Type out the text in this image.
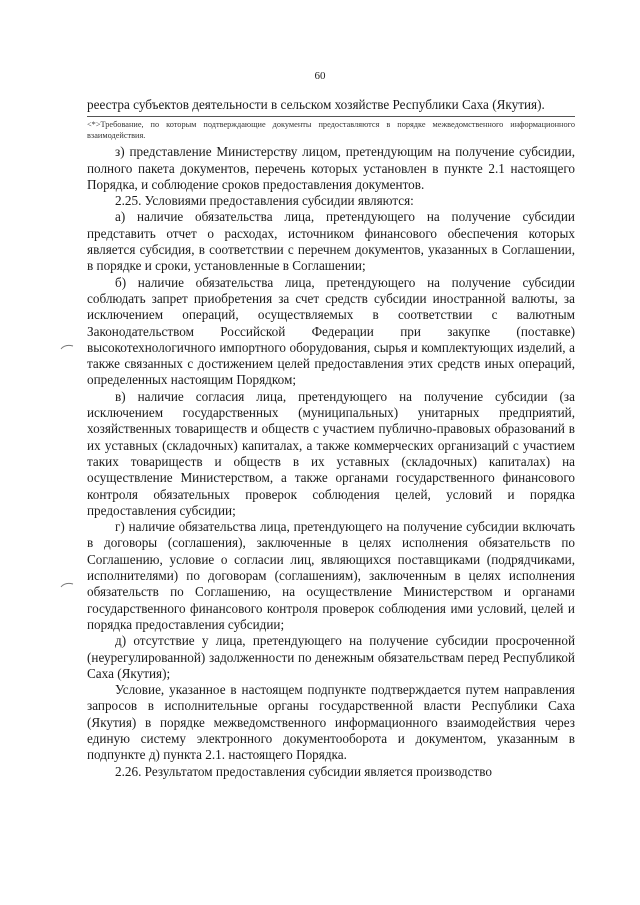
60

реестра субъектов деятельности в сельском хозяйстве Республики Саха (Якутия).

<*>Требование, по которым подтверждающие документы предоставляются в порядке межведомственного информационного взаимодействия.

з) представление Министерству лицом, претендующим на получение субсидии, полного пакета документов, перечень которых установлен в пункте 2.1 настоящего Порядка, и соблюдение сроков предоставления документов.

2.25. Условиями предоставления субсидии являются:

а) наличие обязательства лица, претендующего на получение субсидии представить отчет о расходах, источником финансового обеспечения которых является субсидия, в соответствии с перечнем документов, указанных в Соглашении, в порядке и сроки, установленные в Соглашении;

б) наличие обязательства лица, претендующего на получение субсидии соблюдать запрет приобретения за счет средств субсидии иностранной валюты, за исключением операций, осуществляемых в соответствии с валютным Законодательством Российской Федерации при закупке (поставке) высокотехнологичного импортного оборудования, сырья и комплектующих изделий, а также связанных с достижением целей предоставления этих средств иных операций, определенных настоящим Порядком;

в) наличие согласия лица, претендующего на получение субсидии (за исключением государственных (муниципальных) унитарных предприятий, хозяйственных товариществ и обществ с участием публично-правовых образований в их уставных (складочных) капиталах, а также коммерческих организаций с участием таких товариществ и обществ в их уставных (складочных) капиталах) на осуществление Министерством, а также органами государственного финансового контроля обязательных проверок соблюдения целей, условий и порядка предоставления субсидии;

г) наличие обязательства лица, претендующего на получение субсидии включать в договоры (соглашения), заключенные в целях исполнения обязательств по Соглашению, условие о согласии лиц, являющихся поставщиками (подрядчиками, исполнителями) по договорам (соглашениям), заключенным в целях исполнения обязательств по Соглашению, на осуществление Министерством и органами государственного финансового контроля проверок соблюдения ими условий, целей и порядка предоставления субсидии;

д) отсутствие у лица, претендующего на получение субсидии просроченной (неурегулированной) задолженности по денежным обязательствам перед Республикой Саха (Якутия);

Условие, указанное в настоящем подпункте подтверждается путем направления запросов в исполнительные органы государственной власти Республики Саха (Якутия) в порядке межведомственного информационного взаимодействия через единую систему электронного документооборота и документом, указанным в подпункте д) пункта 2.1. настоящего Порядка.

2.26. Результатом предоставления субсидии является производство
